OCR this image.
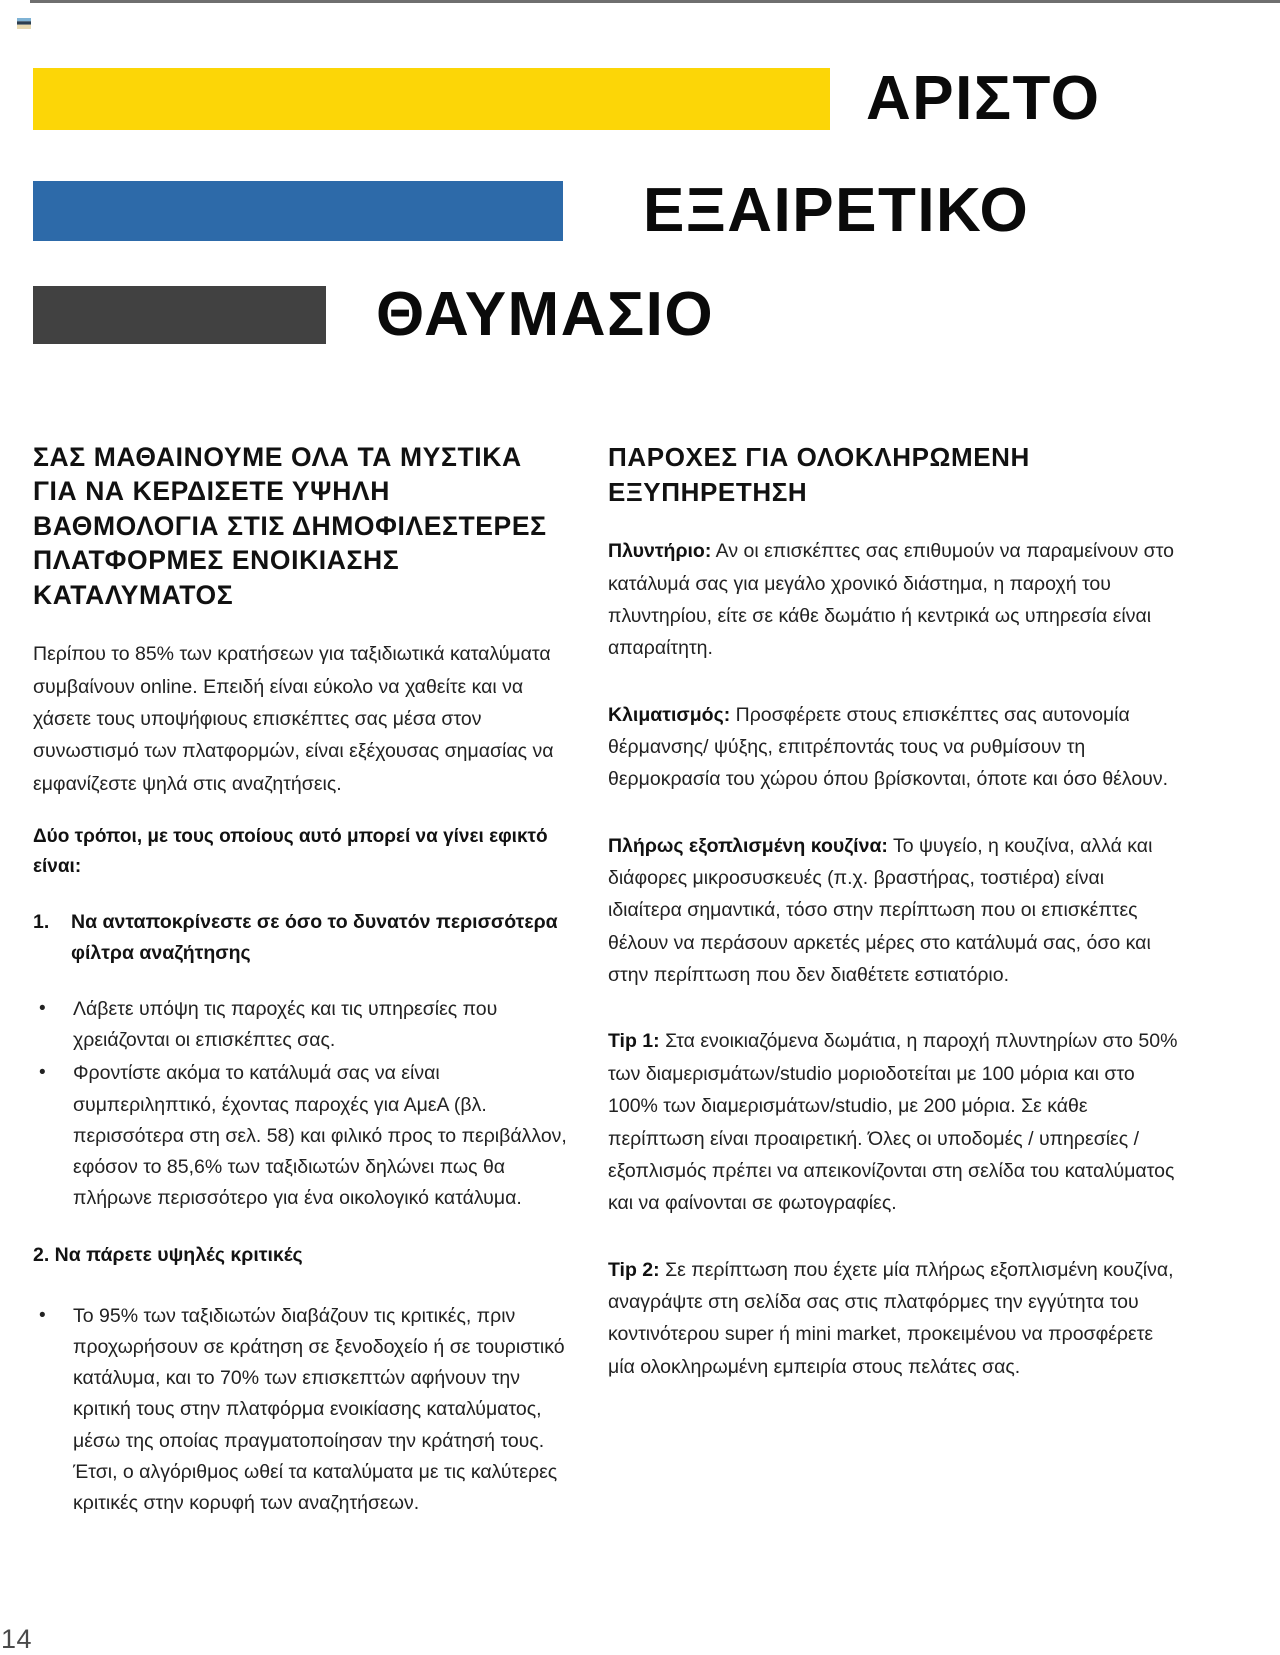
ΑΡΙΣΤΟ
ΕΞΑΙΡΕΤΙΚΟ
ΘΑΥΜΑΣΙΟ
ΣΑΣ ΜΑΘΑΙΝΟΥΜΕ ΟΛΑ ΤΑ ΜΥΣΤΙΚΑ ΓΙΑ ΝΑ ΚΕΡΔΙΣΕΤΕ ΥΨΗΛΗ ΒΑΘΜΟΛΟΓΙΑ ΣΤΙΣ ΔΗΜΟΦΙΛΕΣΤΕΡΕΣ ΠΛΑΤΦΟΡΜΕΣ ΕΝΟΙΚΙΑΣΗΣ ΚΑΤΑΛΥΜΑΤΟΣ

Περίπου το 85% των κρατήσεων για ταξιδιωτικά καταλύματα συμβαίνουν online. Επειδή είναι εύκολο να χαθείτε και να χάσετε τους υποψήφιους επισκέπτες σας μέσα στον συνωστισμό των πλατφορμών, είναι εξέχουσας σημασίας να εμφανίζεστε ψηλά στις αναζητήσεις.

Δύο τρόποι, με τους οποίους αυτό μπορεί να γίνει εφικτό είναι:

1.	Να ανταποκρίνεστε σε όσο το δυνατόν περισσότερα φίλτρα αναζήτησης
•	Λάβετε υπόψη τις παροχές και τις υπηρεσίες που χρειάζονται οι επισκέπτες σας.
•	Φροντίστε ακόμα το κατάλυμά σας να είναι συμπεριληπτικό, έχοντας παροχές για ΑμεΑ (βλ. περισσότερα στη σελ. 58) και φιλικό προς το περιβάλλον, εφόσον το 85,6% των ταξιδιωτών δηλώνει πως θα πλήρωνε περισσότερο για ένα οικολογικό κατάλυμα.

2. Να πάρετε υψηλές κριτικές

•	Το 95% των ταξιδιωτών διαβάζουν τις κριτικές, πριν προχωρήσουν σε κράτηση σε ξενοδοχείο ή σε τουριστικό κατάλυμα, και το 70% των επισκεπτών αφήνουν την κριτική τους στην πλατφόρμα ενοικίασης καταλύματος, μέσω της οποίας πραγματοποίησαν την κράτησή τους. Έτσι, ο αλγόριθμος ωθεί τα καταλύματα με τις καλύτερες κριτικές στην κορυφή των αναζητήσεων.
ΠΑΡΟΧΕΣ ΓΙΑ ΟΛΟΚΛΗΡΩΜΕΝΗ ΕΞΥΠΗΡΕΤΗΣΗ

Πλυντήριο: Αν οι επισκέπτες σας επιθυμούν να παραμείνουν στο κατάλυμά σας για μεγάλο χρονικό διάστημα, η παροχή του πλυντηρίου, είτε σε κάθε δωμάτιο ή κεντρικά ως υπηρεσία είναι απαραίτητη.

Κλιματισμός: Προσφέρετε στους επισκέπτες σας αυτονομία θέρμανσης/ ψύξης, επιτρέποντάς τους να ρυθμίσουν τη θερμοκρασία του χώρου όπου βρίσκονται, όποτε και όσο θέλουν.

Πλήρως εξοπλισμένη κουζίνα: Το ψυγείο, η κουζίνα, αλλά και διάφορες μικροσυσκευές (π.χ. βραστήρας, τοστιέρα) είναι ιδιαίτερα σημαντικά, τόσο στην περίπτωση που οι επισκέπτες θέλουν να περάσουν αρκετές μέρες στο κατάλυμά σας, όσο και στην περίπτωση που δεν διαθέτετε εστιατόριο.

Tip 1: Στα ενοικιαζόμενα δωμάτια, η παροχή πλυντηρίων στο 50% των διαμερισμάτων/studio μοριοδοτείται με 100 μόρια και στο 100% των διαμερισμάτων/studio, με 200 μόρια. Σε κάθε περίπτωση είναι προαιρετική. Όλες οι υποδομές / υπηρεσίες / εξοπλισμός πρέπει να απεικονίζονται στη σελίδα του καταλύματος και να φαίνονται σε φωτογραφίες.

Tip 2: Σε περίπτωση που έχετε μία πλήρως εξοπλισμένη κουζίνα, αναγράψτε στη σελίδα σας στις πλατφόρμες την εγγύτητα του κοντινότερου super ή mini market, προκειμένου να προσφέρετε μία ολοκληρωμένη εμπειρία στους πελάτες σας.

14
